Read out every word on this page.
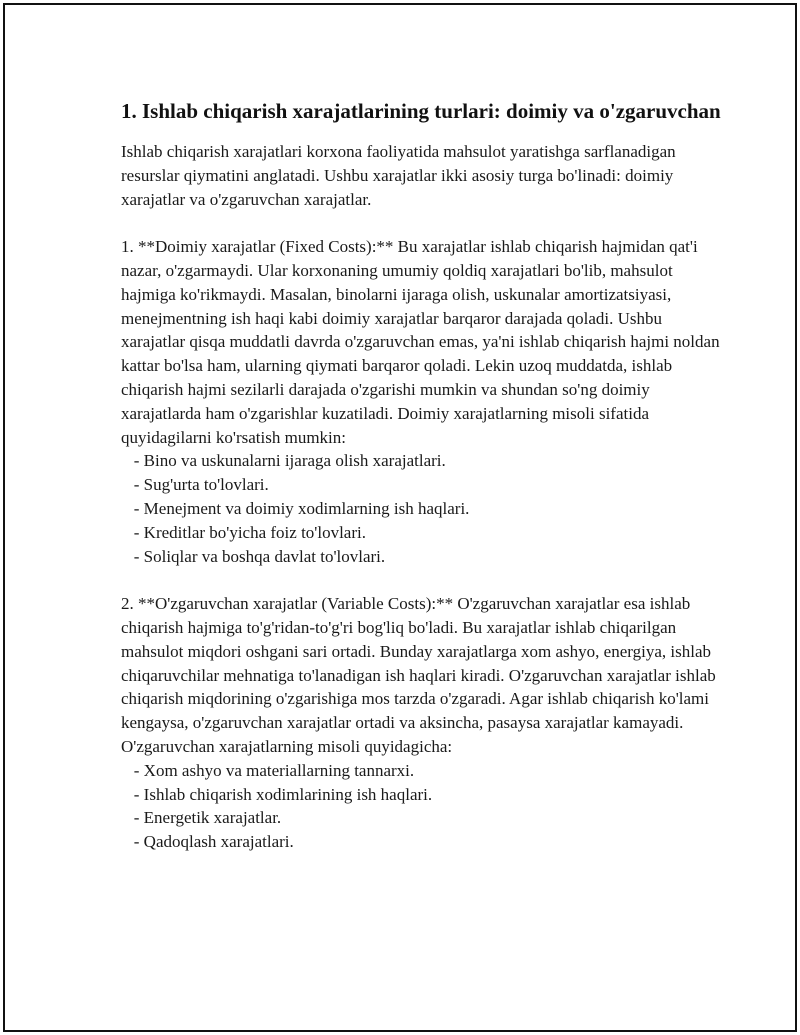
1. Ishlab chiqarish xarajatlarining turlari: doimiy va o'zgaruvchan

Ishlab chiqarish xarajatlari korxona faoliyatida mahsulot yaratishga sarflanadigan resurslar qiymatini anglatadi. Ushbu xarajatlar ikki asosiy turga bo'linadi: doimiy xarajatlar va o'zgaruvchan xarajatlar.

1. **Doimiy xarajatlar (Fixed Costs):** Bu xarajatlar ishlab chiqarish hajmidan qat'i nazar, o'zgarmaydi. Ular korxonaning umumiy qoldiq xarajatlari bo'lib, mahsulot hajmiga ko'rikmaydi. Masalan, binolarni ijaraga olish, uskunalar amortizatsiyasi, menejmentning ish haqi kabi doimiy xarajatlar barqaror darajada qoladi. Ushbu xarajatlar qisqa muddatli davrda o'zgaruvchan emas, ya'ni ishlab chiqarish hajmi noldan kattar bo'lsa ham, ularning qiymati barqaror qoladi. Lekin uzoq muddatda, ishlab chiqarish hajmi sezilarli darajada o'zgarishi mumkin va shundan so'ng doimiy xarajatlarda ham o'zgarishlar kuzatiladi. Doimiy xarajatlarning misoli sifatida quyidagilarni ko'rsatish mumkin:

- Bino va uskunalarni ijaraga olish xarajatlari.
- Sug'urta to'lovlari.
- Menejment va doimiy xodimlarning ish haqlari.
- Kreditlar bo'yicha foiz to'lovlari.
- Soliqlar va boshqa davlat to'lovlari.

2. **O'zgaruvchan xarajatlar (Variable Costs):** O'zgaruvchan xarajatlar esa ishlab chiqarish hajmiga to'g'ridan-to'g'ri bog'liq bo'ladi. Bu xarajatlar ishlab chiqarilgan mahsulot miqdori oshgani sari ortadi. Bunday xarajatlarga xom ashyo, energiya, ishlab chiqaruvchilar mehnatiga to'lanadigan ish haqlari kiradi. O'zgaruvchan xarajatlar ishlab chiqarish miqdorining o'zgarishiga mos tarzda o'zgaradi. Agar ishlab chiqarish ko'lami kengaysa, o'zgaruvchan xarajatlar ortadi va aksincha, pasaysa xarajatlar kamayadi. O'zgaruvchan xarajatlarning misoli quyidagicha:

- Xom ashyo va materiallarning tannarxi.
- Ishlab chiqarish xodimlarining ish haqlari.
- Energetik xarajatlar.
- Qadoqlash xarajatlari.
